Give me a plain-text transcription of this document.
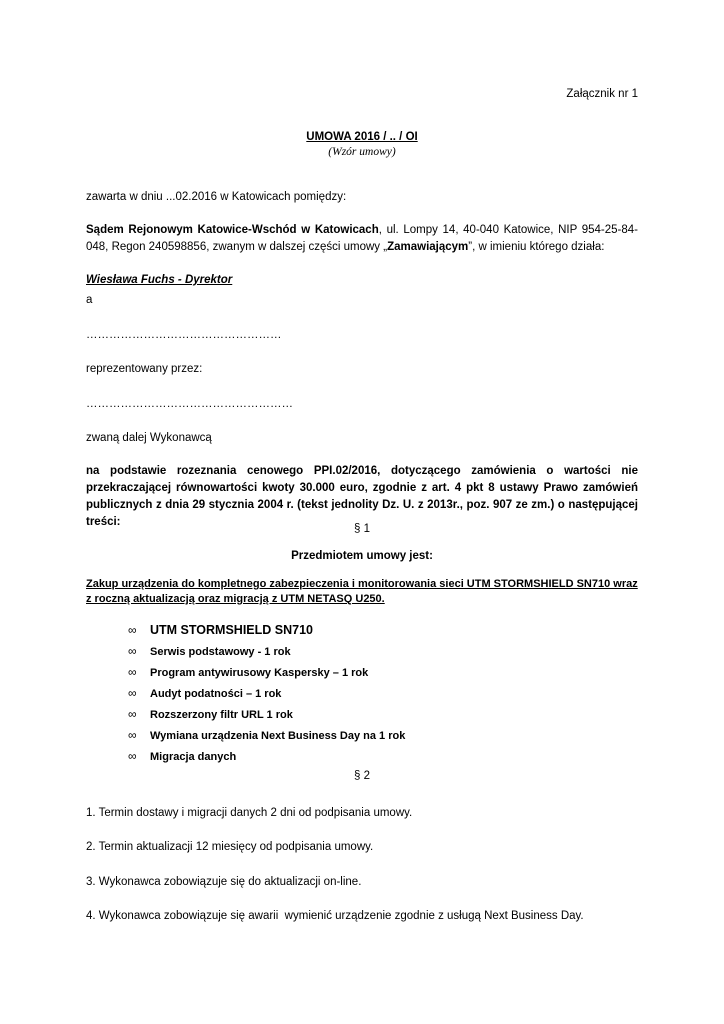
Załącznik nr 1
UMOWA 2016 / .. / OI
(Wzór umowy)
zawarta w dniu ...02.2016 w Katowicach pomiędzy:
Sądem Rejonowym Katowice-Wschód w Katowicach, ul. Lompy 14, 40-040 Katowice, NIP 954-25-84-048, Regon 240598856, zwanym w dalszej części umowy „Zamawiającym”, w imieniu którego działa:
Wiesława Fuchs - Dyrektor
a
……………………………………………
reprezentowany przez:
………………………………………………
zwaną dalej Wykonawcą
na podstawie rozeznania cenowego PPI.02/2016, dotyczącego zamówienia o wartości nie przekraczającej równowartości kwoty 30.000 euro, zgodnie z art. 4 pkt 8 ustawy Prawo zamówień publicznych z dnia 29 stycznia 2004 r. (tekst jednolity Dz. U. z 2013r., poz. 907 ze zm.) o następującej treści:
§ 1
Przedmiotem umowy jest:
Zakup urządzenia do kompletnego zabezpieczenia i monitorowania sieci UTM STORMSHIELD SN710 wraz
z roczną aktualizacją oraz migracją z UTM NETASQ U250.
∞ UTM STORMSHIELD SN710
∞ Serwis podstawowy - 1 rok
∞ Program antywirusowy Kaspersky – 1 rok
∞ Audyt podatności – 1 rok
∞ Rozszerzony filtr URL 1 rok
∞ Wymiana urządzenia Next Business Day na 1 rok
∞ Migracja danych
§ 2
1. Termin dostawy i migracji danych 2 dni od podpisania umowy.
2. Termin aktualizacji 12 miesięcy od podpisania umowy.
3. Wykonawca zobowiązuje się do aktualizacji on-line.
4. Wykonawca zobowiązuje się awarii  wymienić urządzenie zgodnie z usługą Next Business Day.
